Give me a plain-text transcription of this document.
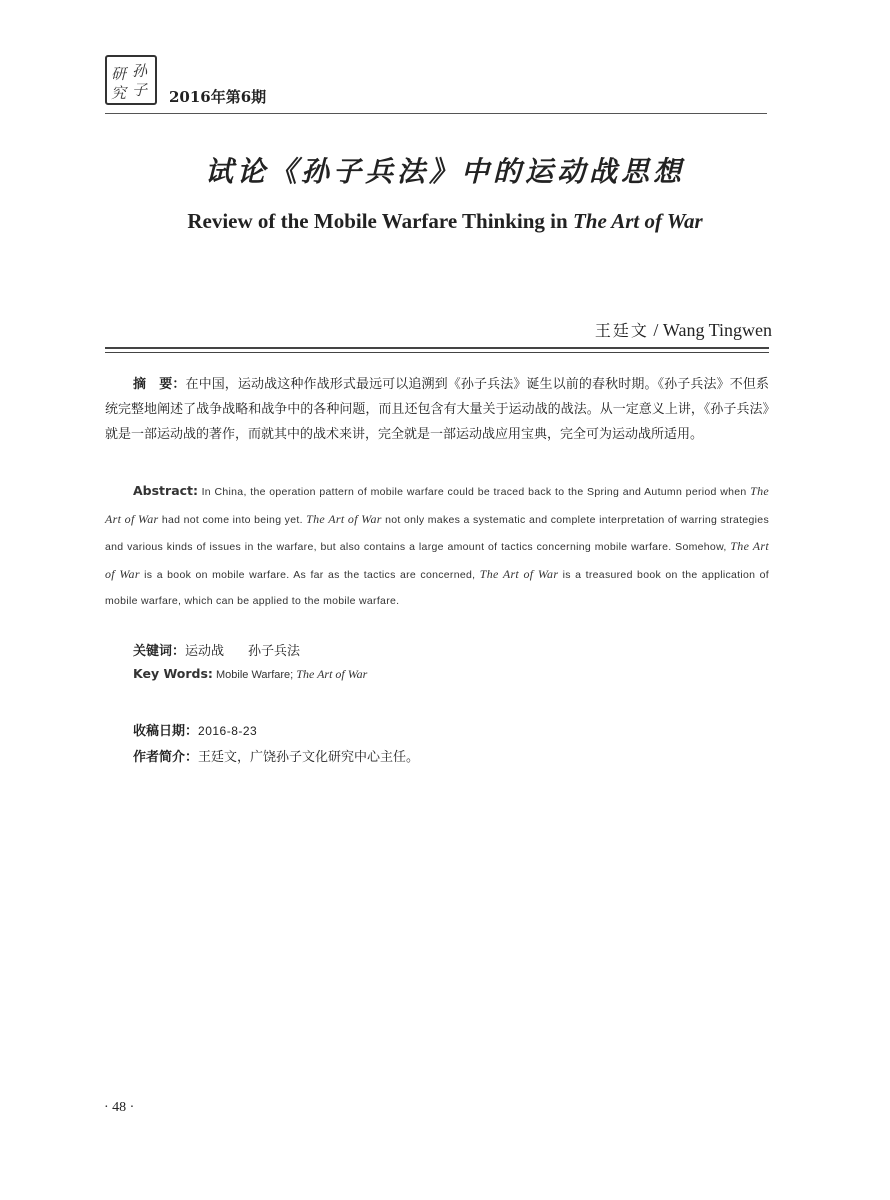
研 孙
究 子 2016年第6期
试论《孙子兵法》中的运动战思想
Review of the Mobile Warfare Thinking in The Art of War
王廷文 / Wang Tingwen
摘　要：在中国，运动战这种作战形式最远可以追溯到《孙子兵法》诞生以前的春秋时期。《孙子兵法》不但系统完整地阐述了战争战略和战争中的各种问题，而且还包含有大量关于运动战的战法。从一定意义上讲，《孙子兵法》就是一部运动战的著作，而就其中的战术来讲，完全就是一部运动战应用宝典，完全可为运动战所适用。
Abstract: In China, the operation pattern of mobile warfare could be traced back to the Spring and Autumn period when The Art of War had not come into being yet. The Art of War not only makes a systematic and complete interpretation of warring strategies and various kinds of issues in the warfare, but also contains a large amount of tactics concerning mobile warfare. Somehow, The Art of War is a book on mobile warfare. As far as the tactics are concerned, The Art of War is a treasured book on the application of mobile warfare, which can be applied to the mobile warfare.
关键词：运动战 孙子兵法
Key Words: Mobile Warfare; The Art of War
收稿日期：2016-8-23
作者简介：王廷文，广饶孙子文化研究中心主任。
· 48 ·
